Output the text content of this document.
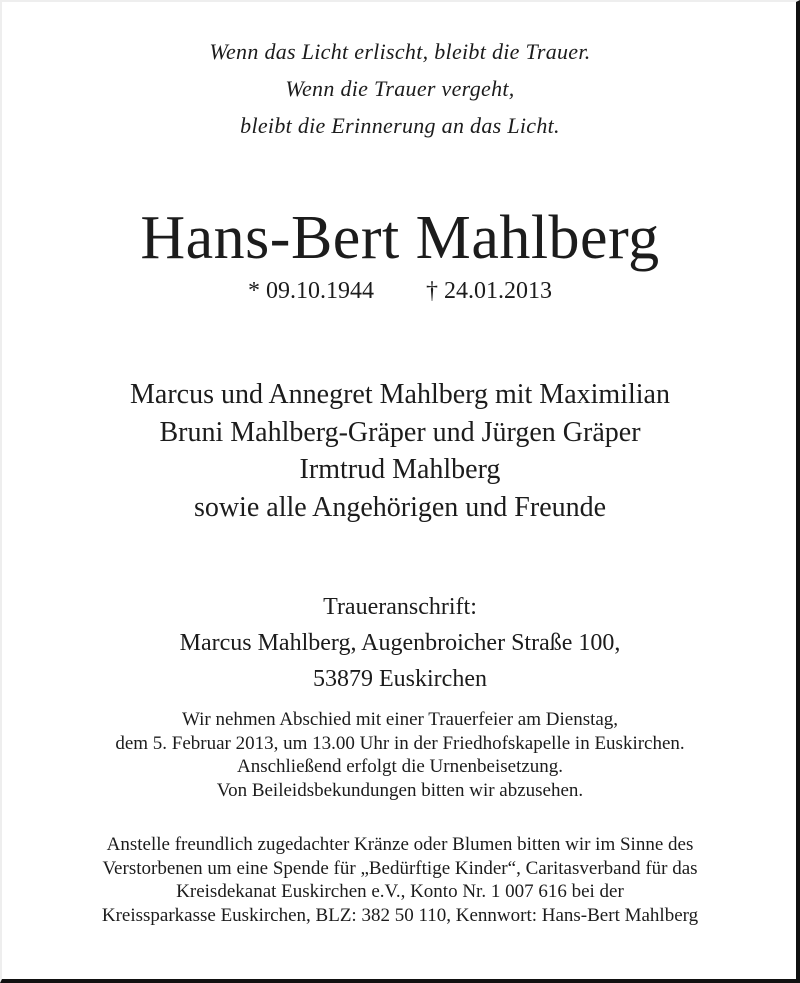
Wenn das Licht erlischt, bleibt die Trauer.
Wenn die Trauer vergeht,
bleibt die Erinnerung an das Licht.
Hans-Bert Mahlberg
* 09.10.1944 † 24.01.2013
Marcus und Annegret Mahlberg mit Maximilian
Bruni Mahlberg-Gräper und Jürgen Gräper
Irmtrud Mahlberg
sowie alle Angehörigen und Freunde
Traueranschrift:
Marcus Mahlberg, Augenbroicher Straße 100,
53879 Euskirchen
Wir nehmen Abschied mit einer Trauerfeier am Dienstag,
dem 5. Februar 2013, um 13.00 Uhr in der Friedhofskapelle in Euskirchen.
Anschließend erfolgt die Urnenbeisetzung.
Von Beileidsbekundungen bitten wir abzusehen.
Anstelle freundlich zugedachter Kränze oder Blumen bitten wir im Sinne des
Verstorbenen um eine Spende für „Bedürftige Kinder“, Caritasverband für das
Kreisdekanat Euskirchen e.V., Konto Nr. 1 007 616 bei der
Kreissparkasse Euskirchen, BLZ: 382 50 110, Kennwort: Hans-Bert Mahlberg
